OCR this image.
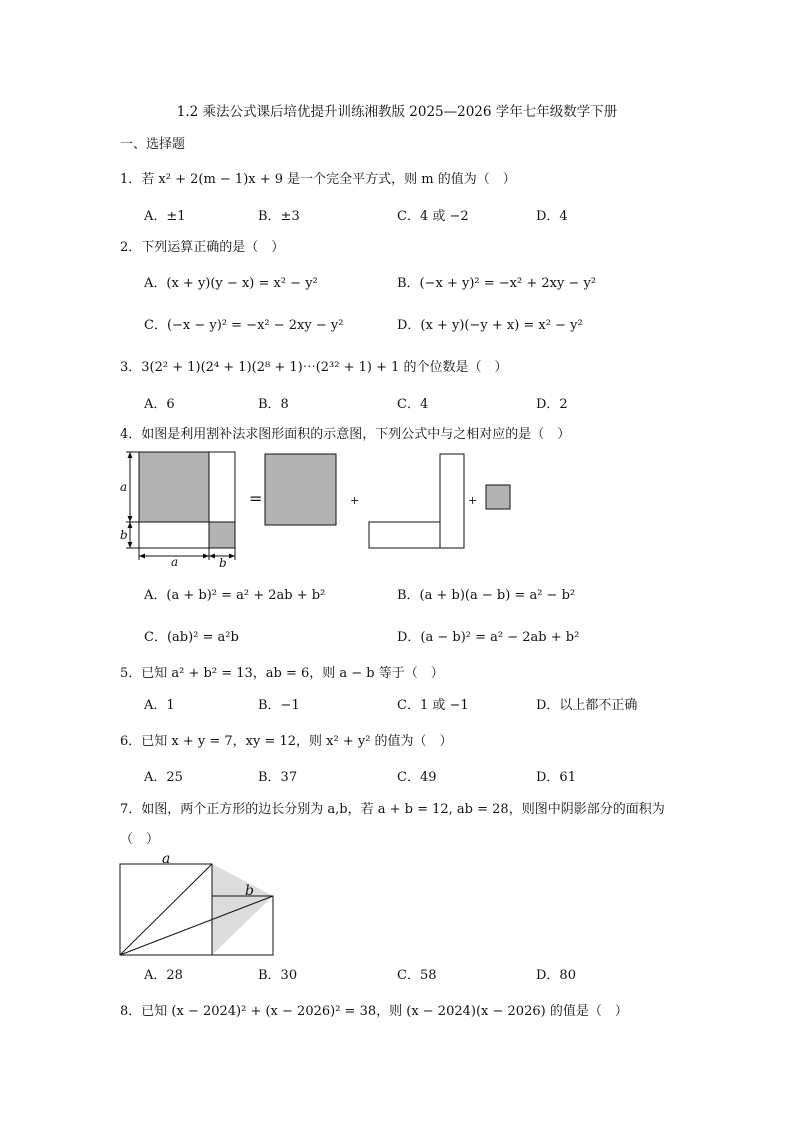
1.2 乘法公式课后培优提升训练湘教版 2025—2026 学年七年级数学下册
一、选择题
1．若 x² + 2(m − 1)x + 9 是一个完全平方式，则 m 的值为（　）
A．±1	B．±3	C．4 或 −2	D．4
2．下列运算正确的是（　）
A．(x + y)(y − x) = x² − y²	B．(−x + y)² = −x² + 2xy − y²
C．(−x − y)² = −x² − 2xy − y²	D．(x + y)(−y + x) = x² − y²
3．3(2² + 1)(2⁴ + 1)(2⁸ + 1)⋯(2³² + 1) + 1 的个位数是（　）
A．6	B．8	C．4	D．2
4．如图是利用割补法求图形面积的示意图，下列公式中与之相对应的是（　）
a
b
a	b
=	+	+
A．(a + b)² = a² + 2ab + b²	B．(a + b)(a − b) = a² − b²
C．(ab)² = a²b	D．(a − b)² = a² − 2ab + b²
5．已知 a² + b² = 13，ab = 6，则 a − b 等于（　）
A．1	B．−1	C．1 或 −1	D．以上都不正确
6．已知 x + y = 7，xy = 12，则 x² + y² 的值为（　）
A．25	B．37	C．49	D．61
7．如图，两个正方形的边长分别为 a,b，若 a + b = 12, ab = 28，则图中阴影部分的面积为
（　）
a
b
A．28	B．30	C．58	D．80
8．已知 (x − 2024)² + (x − 2026)² = 38，则 (x − 2024)(x − 2026) 的值是（　）
